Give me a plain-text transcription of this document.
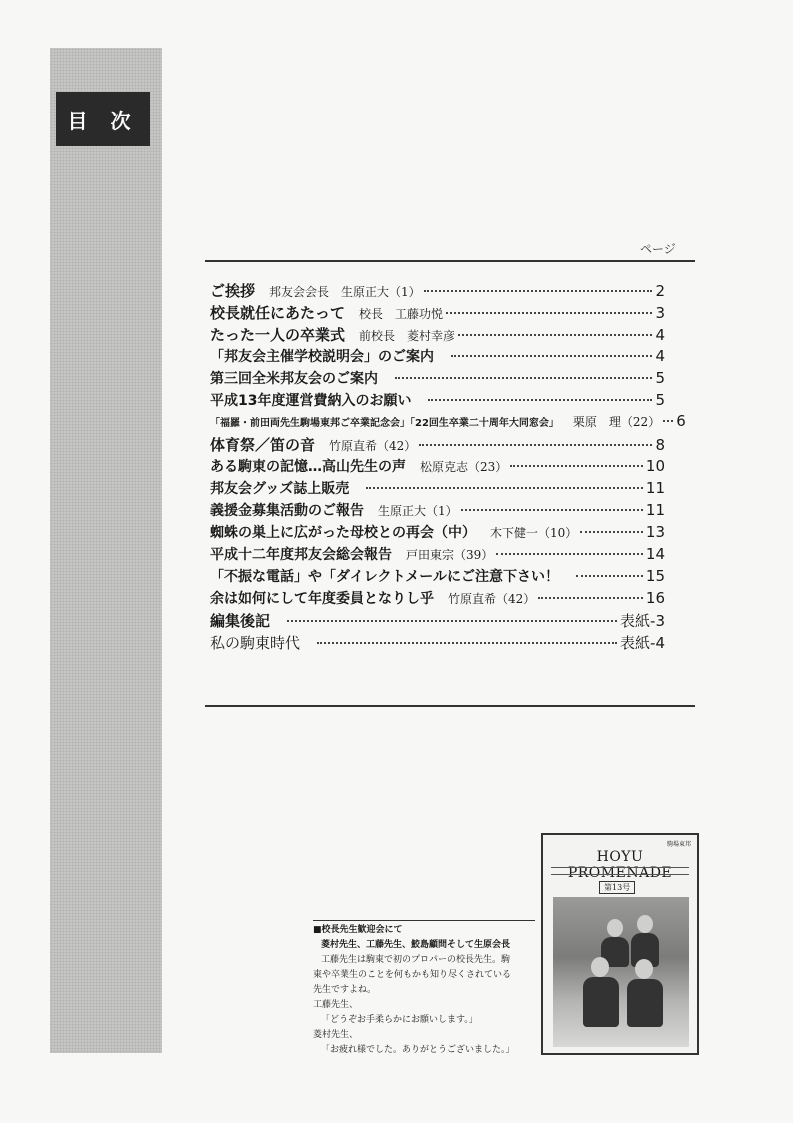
目 次
ページ
ご挨拶 邦友会会長　生原正大（1）	2
校長就任にあたって 校長　工藤功悦	3
たった一人の卒業式 前校長　菱村幸彦	4
「邦友会主催学校説明会」のご案内	4
第三回全米邦友会のご案内	5
平成13年度運営費納入のお願い	5
「福羅・前田両先生駒場東邦ご卒業記念会」「22回生卒業二十周年大同窓会」 栗原　理（22） 6
体育祭／笛の音 竹原直希（42）	8
ある駒東の記憶…高山先生の声 松原克志（23）	10
邦友会グッズ誌上販売	11
義援金募集活動のご報告 生原正大（1）	11
蜘蛛の巣上に広がった母校との再会（中） 木下健一（10）	13
平成十二年度邦友会総会報告 戸田東宗（39）	14
「不振な電話」や「ダイレクトメールにご注意下さい！	15
余は如何にして年度委員となりし乎 竹原直希（42）	16
編集後記	表紙-3
私の駒東時代	表紙-4
■校長先生歓迎会にて
菱村先生、工藤先生、鮫島顧問そして生原会長
工藤先生は駒東で初のプロパーの校長先生。駒
東や卒業生のことを何もかも知り尽くされている
先生ですよね。
工藤先生、
「どうぞお手柔らかにお願いします。」
菱村先生、
「お疲れ様でした。ありがとうございました。」
駒場東邦
HOYU PROMENADE
第13号
